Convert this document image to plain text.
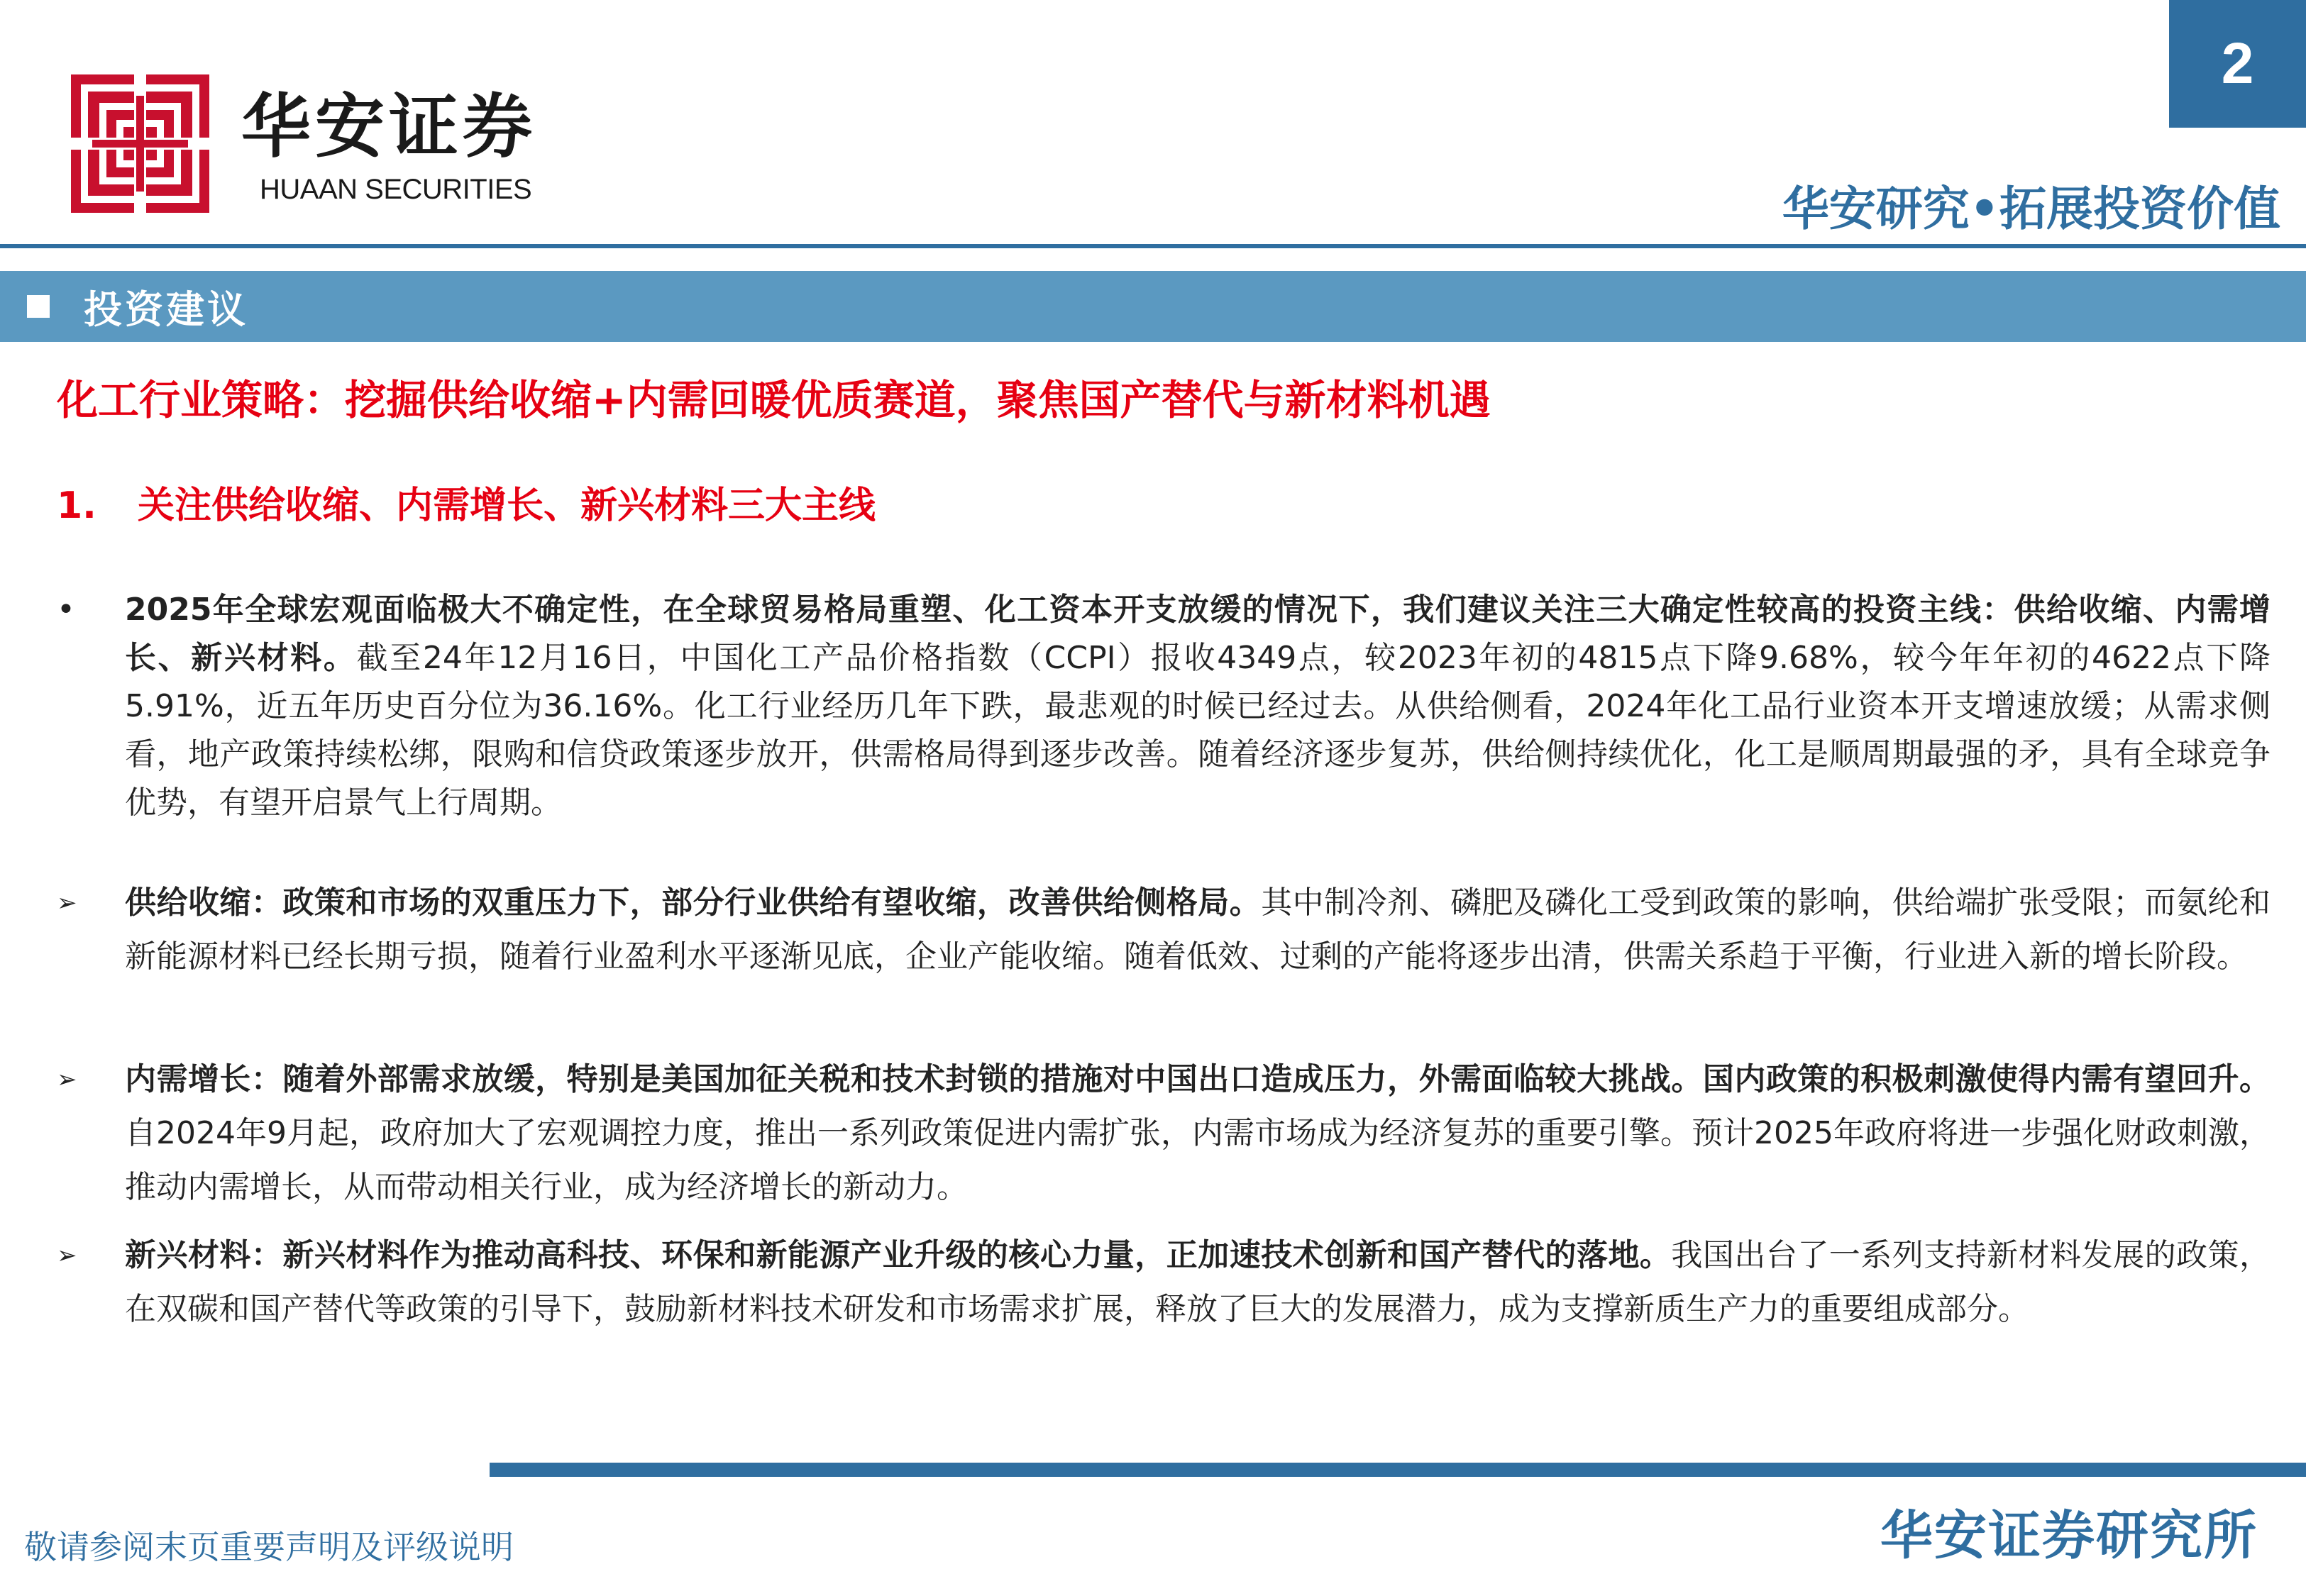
华安证券
HUAAN SECURITIES
2
华安研究•拓展投资价值
投资建议
化工行业策略：挖掘供给收缩+内需回暖优质赛道，聚焦国产替代与新材料机遇
1. 关注供给收缩、内需增长、新兴材料三大主线
• 2025年全球宏观面临极大不确定性，在全球贸易格局重塑、化工资本开支放缓的情况下，我们建议关注三大确定性较高的投资主线：供给收缩、内需增长、新兴材料。截至24年12月16日，中国化工产品价格指数（CCPI）报收4349点，较2023年初的4815点下降9.68%，较今年年初的4622点下降5.91%，近五年历史百分位为36.16%。化工行业经历几年下跌，最悲观的时候已经过去。从供给侧看，2024年化工品行业资本开支增速放缓；从需求侧看，地产政策持续松绑，限购和信贷政策逐步放开，供需格局得到逐步改善。随着经济逐步复苏，供给侧持续优化，化工是顺周期最强的矛，具有全球竞争优势，有望开启景气上行周期。
➢ 供给收缩：政策和市场的双重压力下，部分行业供给有望收缩，改善供给侧格局。其中制冷剂、磷肥及磷化工受到政策的影响，供给端扩张受限；而氨纶和新能源材料已经长期亏损，随着行业盈利水平逐渐见底，企业产能收缩。随着低效、过剩的产能将逐步出清，供需关系趋于平衡，行业进入新的增长阶段。
➢ 内需增长：随着外部需求放缓，特别是美国加征关税和技术封锁的措施对中国出口造成压力，外需面临较大挑战。国内政策的积极刺激使得内需有望回升。自2024年9月起，政府加大了宏观调控力度，推出一系列政策促进内需扩张，内需市场成为经济复苏的重要引擎。预计2025年政府将进一步强化财政刺激，推动内需增长，从而带动相关行业，成为经济增长的新动力。
➢ 新兴材料：新兴材料作为推动高科技、环保和新能源产业升级的核心力量，正加速技术创新和国产替代的落地。我国出台了一系列支持新材料发展的政策，在双碳和国产替代等政策的引导下，鼓励新材料技术研发和市场需求扩展，释放了巨大的发展潜力，成为支撑新质生产力的重要组成部分。
敬请参阅末页重要声明及评级说明	华安证券研究所
